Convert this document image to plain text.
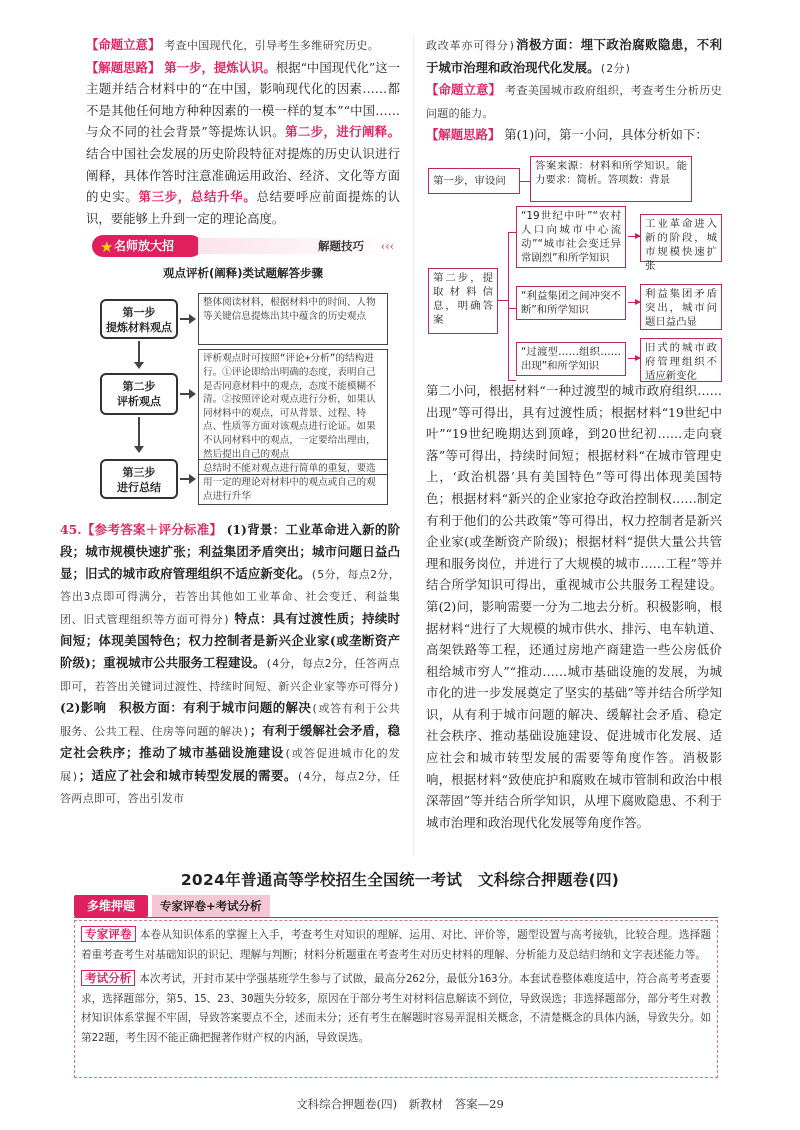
【命题立意】 考查中国现代化，引导考生多维研究历史。
【解题思路】 第一步，提炼认识。根据“中国现代化”这一主题并结合材料中的“在中国，影响现代化的因素……都不是其他任何地方种种因素的一模一样的复本”“中国……与众不同的社会背景”等提炼认识。第二步，进行阐释。结合中国社会发展的历史阶段特征对提炼的历史认识进行阐释，具体作答时注意准确运用政治、经济、文化等方面的史实。第三步，总结升华。总结要呼应前面提炼的认识，要能够上升到一定的理论高度。
★ 名师放大招	解题技巧 ‹‹‹
观点评析(阐释)类试题解答步骤
第一步
提炼材料观点
整体阅读材料，根据材料中的时间、人物等关键信息提炼出其中蕴含的历史观点
第二步
评析观点
评析观点时可按照“评论+分析”的结构进行。①评论即给出明确的态度，表明自己是否同意材料中的观点，态度不能模糊不清。②按照评论对观点进行分析，如果认同材料中的观点，可从背景、过程、特点、性质等方面对该观点进行论证。如果不认同材料中的观点，一定要给出理由，然后提出自己的观点
第三步
进行总结
总结时不能对观点进行简单的重复，要选用一定的理论对材料中的观点或自己的观点进行升华
45.【参考答案＋评分标准】 (1)背景：工业革命进入新的阶段；城市规模快速扩张；利益集团矛盾突出；城市问题日益凸显；旧式的城市政府管理组织不适应新变化。(5分，每点2分，答出3点即可得满分，若答出其他如工业革命、社会变迁、利益集团、旧式管理组织等方面可得分) 特点：具有过渡性质；持续时间短；体现美国特色；权力控制者是新兴企业家(或垄断资产阶级)；重视城市公共服务工程建设。(4分，每点2分，任答两点即可，若答出关键词过渡性、持续时间短、新兴企业家等亦可得分) (2)影响　积极方面：有利于城市问题的解决(或答有利于公共服务、公共工程、住房等问题的解决)；有利于缓解社会矛盾，稳定社会秩序；推动了城市基础设施建设(或答促进城市化的发展)；适应了社会和城市转型发展的需要。(4分，每点2分，任答两点即可，答出引发市
政改革亦可得分)消极方面：埋下政治腐败隐患，不利于城市治理和政治现代化发展。(2分)
【命题立意】 考查美国城市政府组织，考查考生分析历史问题的能力。
【解题思路】 第(1)问，第一小问，具体分析如下：
第一步，审设问
答案来源：材料和所学知识。能力要求：简析。答项数：背景
第二步，提取材料信息，明确答案
“19世纪中叶”“农村人口向城市中心流动”“城市社会变迁异常剧烈”和所学知识
工业革命进入新的阶段，城市规模快速扩张
“利益集团之间冲突不断”和所学知识
利益集团矛盾突出，城市问题日益凸显
“过渡型……组织……出现”和所学知识
旧式的城市政府管理组织不适应新变化
第二小问，根据材料“一种过渡型的城市政府组织……出现”等可得出，具有过渡性质；根据材料“19世纪中叶”“19世纪晚期达到顶峰，到20世纪初……走向衰落”等可得出，持续时间短；根据材料“在城市管理史上，‘政治机器’具有美国特色”等可得出体现美国特色；根据材料“新兴的企业家抢夺政治控制权……制定有利于他们的公共政策”等可得出，权力控制者是新兴企业家(或垄断资产阶级)；根据材料“提供大量公共管理和服务岗位，并进行了大规模的城市……工程”等并结合所学知识可得出，重视城市公共服务工程建设。第(2)问，影响需要一分为二地去分析。积极影响，根据材料“进行了大规模的城市供水、排污、电车轨道、高架铁路等工程，还通过房地产商建造一些公房低价租给城市穷人”“推动……城市基础设施的发展，为城市化的进一步发展奠定了坚实的基础”等并结合所学知识，从有利于城市问题的解决、缓解社会矛盾、稳定社会秩序、推动基础设施建设、促进城市化发展、适应社会和城市转型发展的需要等角度作答。消极影响，根据材料“致使庇护和腐败在城市管制和政治中根深蒂固”等并结合所学知识，从埋下腐败隐患、不利于城市治理和政治现代化发展等角度作答。
2024年普通高等学校招生全国统一考试　文科综合押题卷(四)
多维押题	专家评卷+考试分析
专家评卷 本卷从知识体系的掌握上入手，考查考生对知识的理解、运用、对比、评价等，题型设置与高考接轨，比较合理。选择题着重考查考生对基础知识的识记、理解与判断；材料分析题重在考查考生对历史材料的理解、分析能力及总结归纳和文字表述能力等。
考试分析 本次考试，开封市某中学强基班学生参与了试做，最高分262分，最低分163分。本套试卷整体难度适中，符合高考考查要求，选择题部分，第5、15、23、30题失分较多，原因在于部分考生对材料信息解读不到位，导致误选；非选择题部分，部分考生对教材知识体系掌握不牢固，导致答案要点不全，述而未分；还有考生在解题时容易弄混相关概念，不清楚概念的具体内涵，导致失分。如第22题，考生因不能正确把握著作财产权的内涵，导致误选。
文科综合押题卷(四)　新教材　答案—29
